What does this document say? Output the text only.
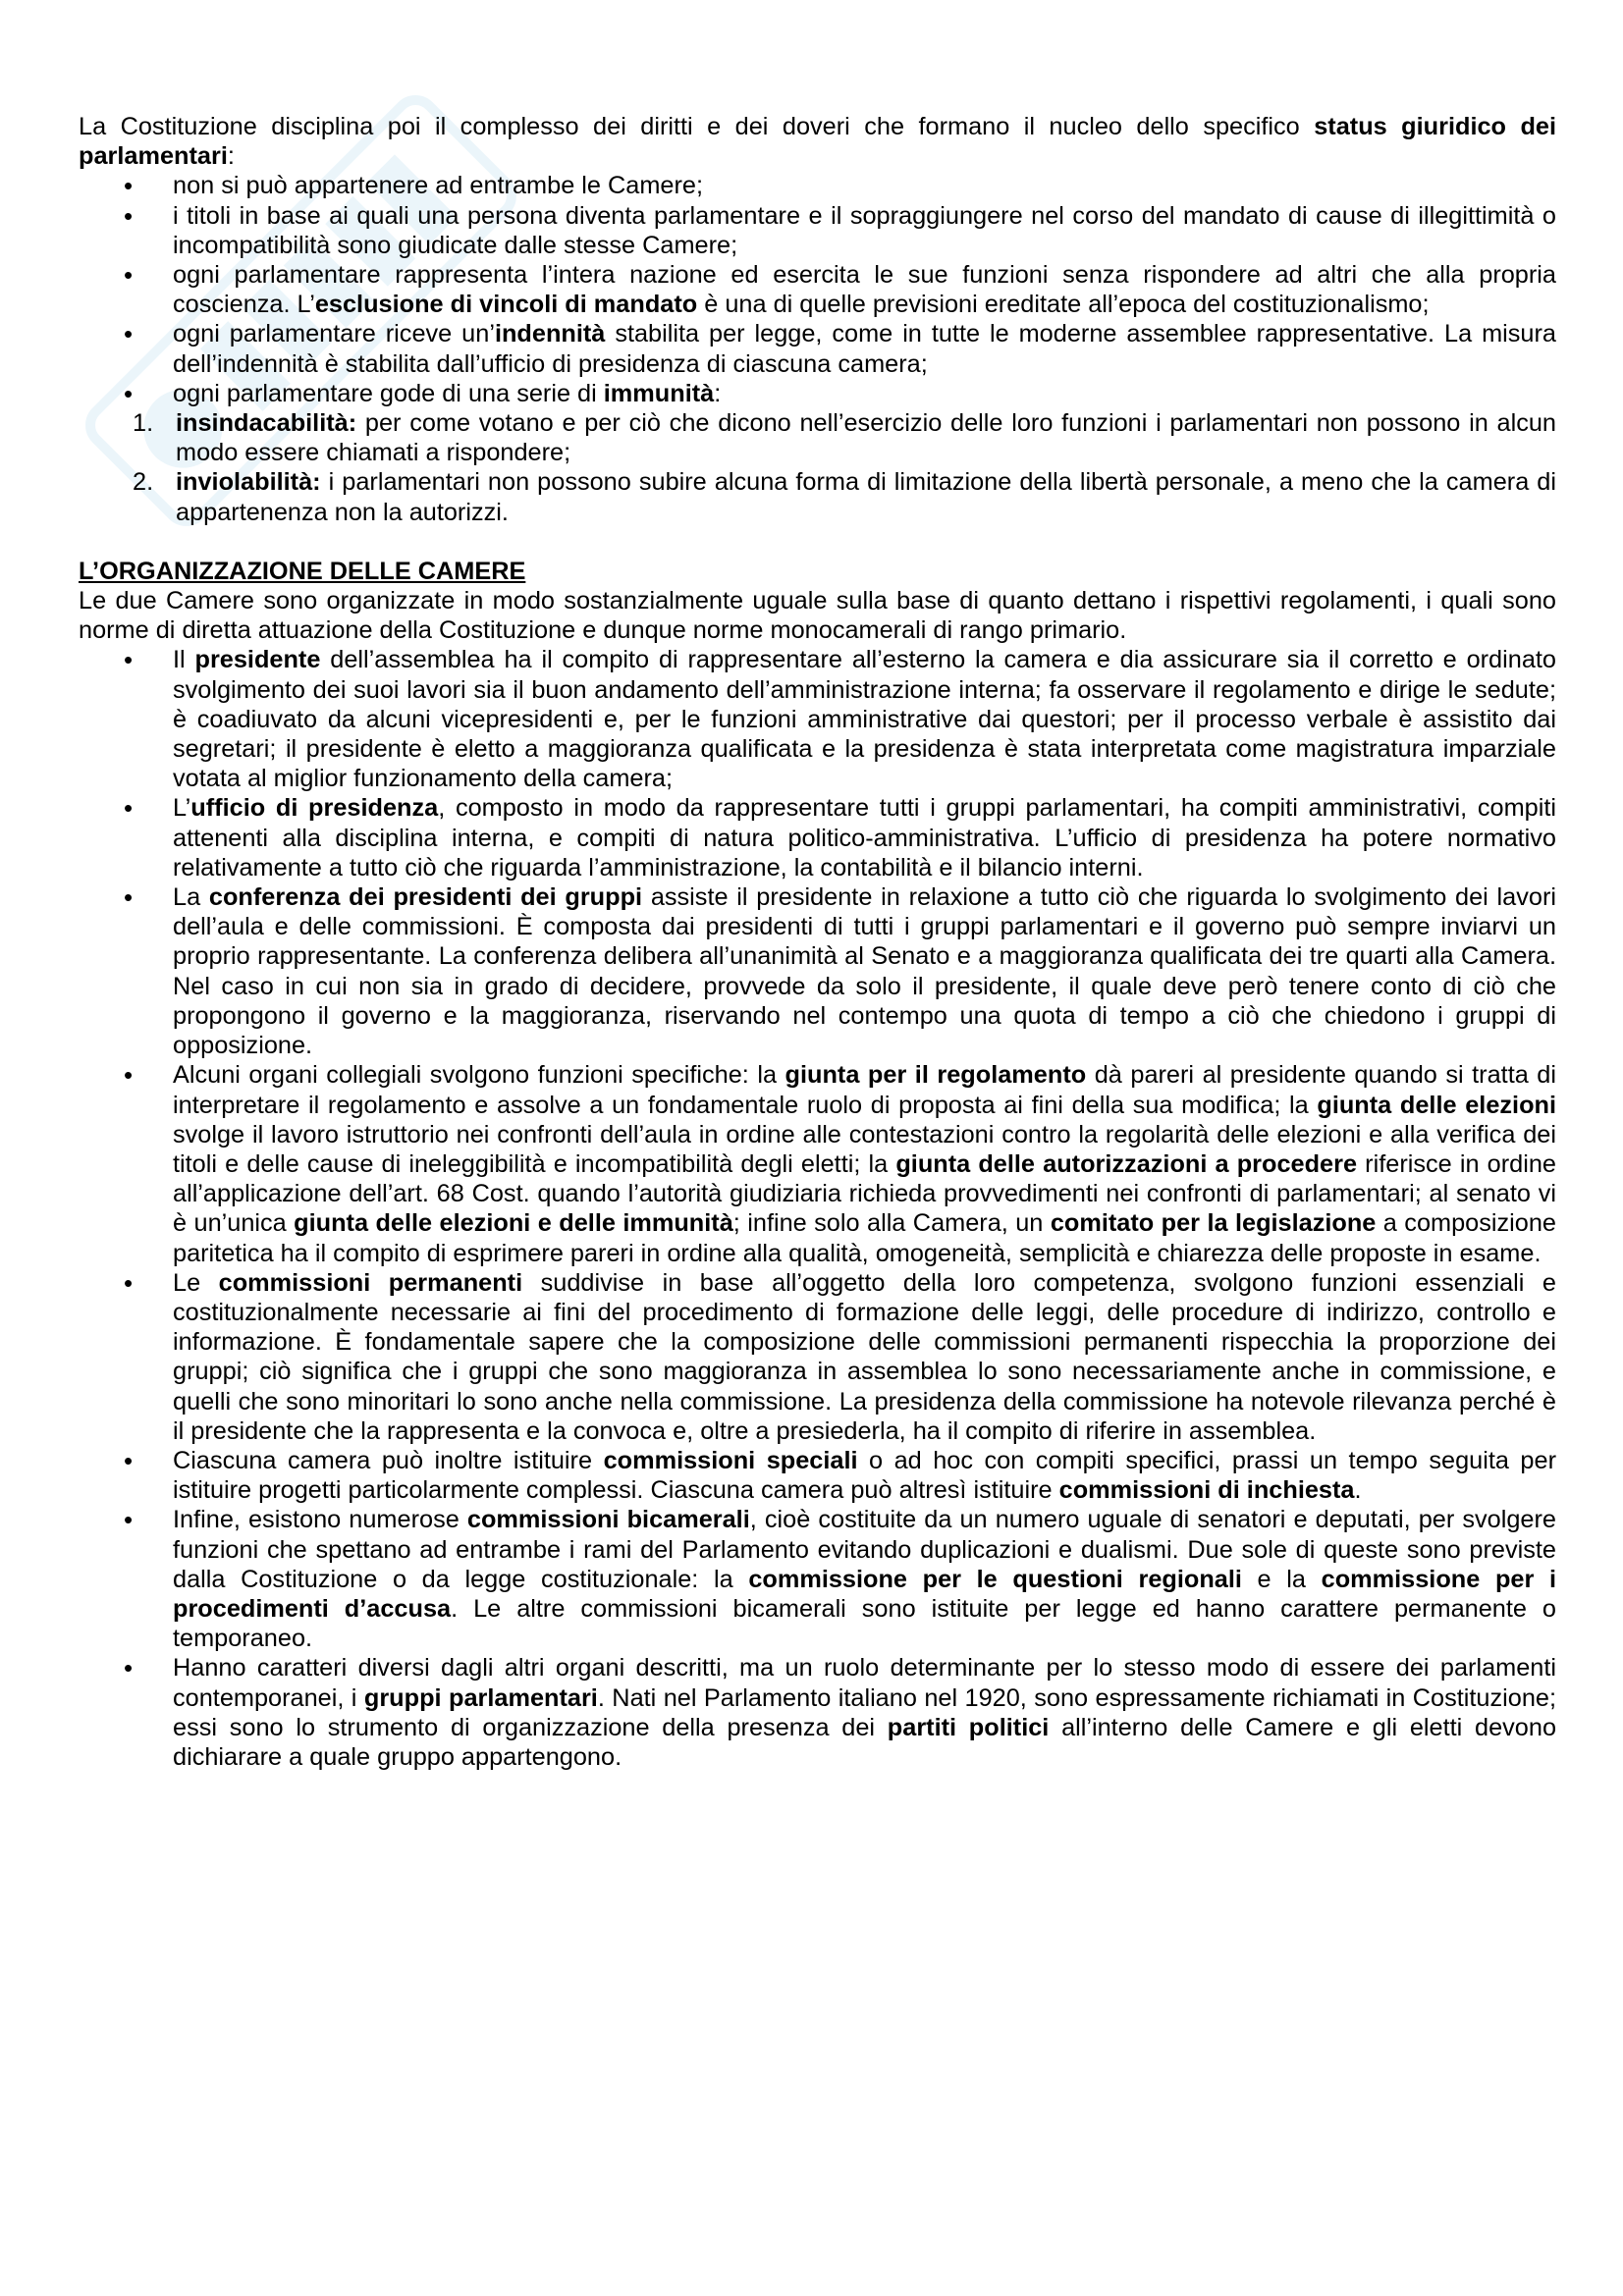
La Costituzione disciplina poi il complesso dei diritti e dei doveri che formano il nucleo dello specifico status giuridico dei parlamentari:

• non si può appartenere ad entrambe le Camere;
• i titoli in base ai quali una persona diventa parlamentare e il sopraggiungere nel corso del mandato di cause di illegittimità o incompatibilità sono giudicate dalle stesse Camere;
• ogni parlamentare rappresenta l’intera nazione ed esercita le sue funzioni senza rispondere ad altri che alla propria coscienza. L’esclusione di vincoli di mandato è una di quelle previsioni ereditate all’epoca del costituzionalismo;
• ogni parlamentare riceve un’indennità stabilita per legge, come in tutte le moderne assemblee rappresentative. La misura dell’indennità è stabilita dall’ufficio di presidenza di ciascuna camera;
• ogni parlamentare gode di una serie di immunità:
1. insindacabilità: per come votano e per ciò che dicono nell’esercizio delle loro funzioni i parlamentari non possono in alcun modo essere chiamati a rispondere;
2. inviolabilità: i parlamentari non possono subire alcuna forma di limitazione della libertà personale, a meno che la camera di appartenenza non la autorizzi.

L’ORGANIZZAZIONE DELLE CAMERE

Le due Camere sono organizzate in modo sostanzialmente uguale sulla base di quanto dettano i rispettivi regolamenti, i quali sono norme di diretta attuazione della Costituzione e dunque norme monocamerali di rango primario.

• Il presidente dell’assemblea ha il compito di rappresentare all’esterno la camera e dia assicurare sia il corretto e ordinato svolgimento dei suoi lavori sia il buon andamento dell’amministrazione interna; fa osservare il regolamento e dirige le sedute; è coadiuvato da alcuni vicepresidenti e, per le funzioni amministrative dai questori; per il processo verbale è assistito dai segretari; il presidente è eletto a maggioranza qualificata e la presidenza è stata interpretata come magistratura imparziale votata al miglior funzionamento della camera;
• L’ufficio di presidenza, composto in modo da rappresentare tutti i gruppi parlamentari, ha compiti amministrativi, compiti attenenti alla disciplina interna, e compiti di natura politico-amministrativa. L’ufficio di presidenza ha potere normativo relativamente a tutto ciò che riguarda l’amministrazione, la contabilità e il bilancio interni.
• La conferenza dei presidenti dei gruppi assiste il presidente in relaxione a tutto ciò che riguarda lo svolgimento dei lavori dell’aula e delle commissioni. È composta dai presidenti di tutti i gruppi parlamentari e il governo può sempre inviarvi un proprio rappresentante. La conferenza delibera all’unanimità al Senato e a maggioranza qualificata dei tre quarti alla Camera. Nel caso in cui non sia in grado di decidere, provvede da solo il presidente, il quale deve però tenere conto di ciò che propongono il governo e la maggioranza, riservando nel contempo una quota di tempo a ciò che chiedono i gruppi di opposizione.
• Alcuni organi collegiali svolgono funzioni specifiche: la giunta per il regolamento dà pareri al presidente quando si tratta di interpretare il regolamento e assolve a un fondamentale ruolo di proposta ai fini della sua modifica; la giunta delle elezioni svolge il lavoro istruttorio nei confronti dell’aula in ordine alle contestazioni contro la regolarità delle elezioni e alla verifica dei titoli e delle cause di ineleggibilità e incompatibilità degli eletti; la giunta delle autorizzazioni a procedere riferisce in ordine all’applicazione dell’art. 68 Cost. quando l’autorità giudiziaria richieda provvedimenti nei confronti di parlamentari; al senato vi è un’unica giunta delle elezioni e delle immunità; infine solo alla Camera, un comitato per la legislazione a composizione paritetica ha il compito di esprimere pareri in ordine alla qualità, omogeneità, semplicità e chiarezza delle proposte in esame.
• Le commissioni permanenti suddivise in base all’oggetto della loro competenza, svolgono funzioni essenziali e costituzionalmente necessarie ai fini del procedimento di formazione delle leggi, delle procedure di indirizzo, controllo e informazione. È fondamentale sapere che la composizione delle commissioni permanenti rispecchia la proporzione dei gruppi; ciò significa che i gruppi che sono maggioranza in assemblea lo sono necessariamente anche in commissione, e quelli che sono minoritari lo sono anche nella commissione. La presidenza della commissione ha notevole rilevanza perché è il presidente che la rappresenta e la convoca e, oltre a presiederla, ha il compito di riferire in assemblea.
• Ciascuna camera può inoltre istituire commissioni speciali o ad hoc con compiti specifici, prassi un tempo seguita per istituire progetti particolarmente complessi. Ciascuna camera può altresì istituire commissioni di inchiesta.
• Infine, esistono numerose commissioni bicamerali, cioè costituite da un numero uguale di senatori e deputati, per svolgere funzioni che spettano ad entrambe i rami del Parlamento evitando duplicazioni e dualismi. Due sole di queste sono previste dalla Costituzione o da legge costituzionale: la commissione per le questioni regionali e la commissione per i procedimenti d’accusa. Le altre commissioni bicamerali sono istituite per legge ed hanno carattere permanente o temporaneo.
• Hanno caratteri diversi dagli altri organi descritti, ma un ruolo determinante per lo stesso modo di essere dei parlamenti contemporanei, i gruppi parlamentari. Nati nel Parlamento italiano nel 1920, sono espressamente richiamati in Costituzione; essi sono lo strumento di organizzazione della presenza dei partiti politici all’interno delle Camere e gli eletti devono dichiarare a quale gruppo appartengono.
